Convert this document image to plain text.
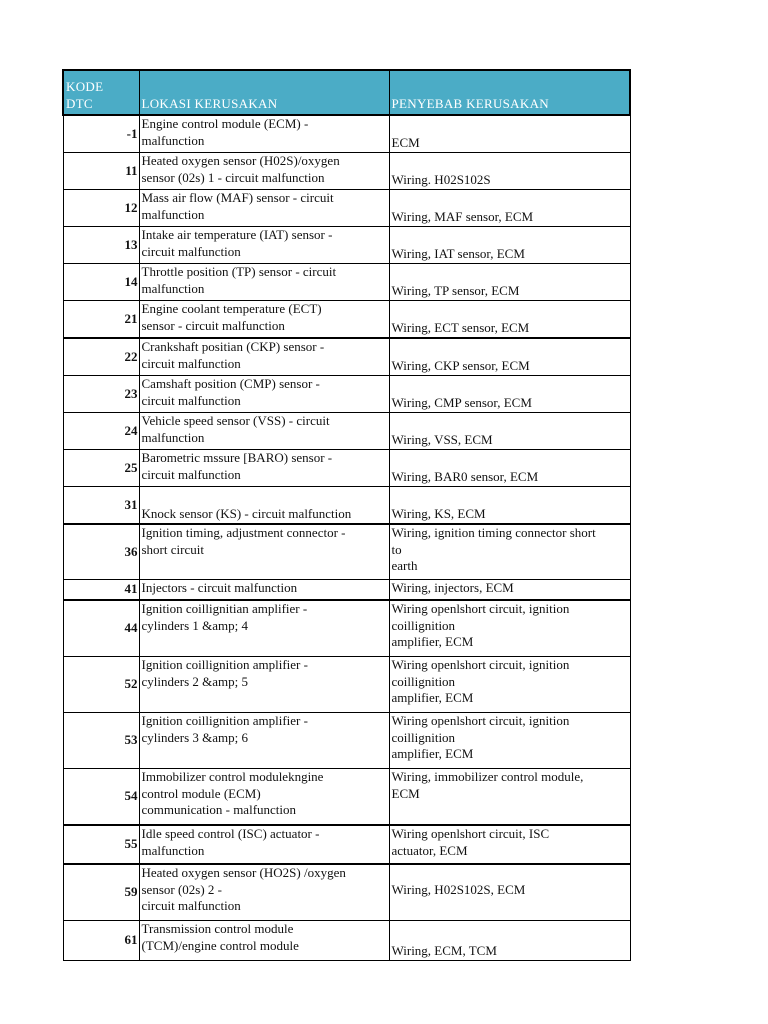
KODE
DTC	LOKASI KERUSAKAN	PENYEBAB KERUSAKAN
-1	Engine control module (ECM) -
malfunction	ECM

11	Heated oxygen sensor (H02S)/oxygen
sensor (02s) 1 - circuit malfunction	Wiring. H02S102S

12	Mass air flow (MAF) sensor - circuit
malfunction	Wiring, MAF sensor, ECM

13	Intake air temperature (IAT) sensor -
circuit malfunction	Wiring, IAT sensor, ECM

14	Throttle position (TP) sensor - circuit
malfunction	Wiring, TP sensor, ECM

21	Engine coolant temperature (ECT)
sensor - circuit malfunction	Wiring, ECT sensor, ECM

22	Crankshaft positian (CKP) sensor -
circuit malfunction	Wiring, CKP sensor, ECM

23	Camshaft position (CMP) sensor -
circuit malfunction	Wiring, CMP sensor, ECM

24	Vehicle speed sensor (VSS) - circuit
malfunction	Wiring, VSS, ECM

25	Barometric mssure [BARO) sensor -
circuit malfunction	Wiring, BAR0 sensor, ECM

31	Knock sensor (KS) - circuit malfunction	Wiring, KS, ECM

36	Ignition timing, adjustment connector -
short circuit	Wiring, ignition timing connector short
to
earth

41	Injectors - circuit malfunction	Wiring, injectors, ECM

44	Ignition coillignitian amplifier -
cylinders 1 &amp; 4	Wiring openlshort circuit, ignition
coillignition
amplifier, ECM

52	Ignition coillignition amplifier -
cylinders 2 &amp; 5	Wiring openlshort circuit, ignition
coillignition
amplifier, ECM

53	Ignition coillignition amplifier -
cylinders 3 &amp; 6	Wiring openlshort circuit, ignition
coillignition
amplifier, ECM

54	Immobilizer control modulekngine
control module (ECM)
communication - malfunction	Wiring, immobilizer control module,
ECM

55	Idle speed control (ISC) actuator -
malfunction	Wiring openlshort circuit, ISC
actuator, ECM

59	Heated oxygen sensor (HO2S) /oxygen
sensor (02s) 2 -
circuit malfunction	Wiring, H02S102S, ECM

61	Transmission control module
(TCM)/engine control module	Wiring, ECM, TCM
